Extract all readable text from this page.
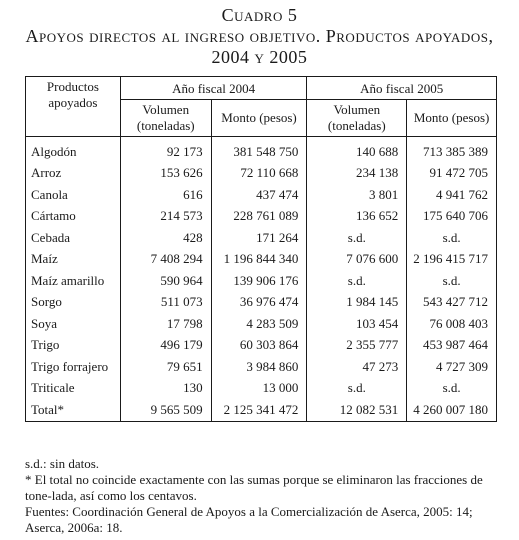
Cuadro 5
Apoyos directos al ingreso objetivo. Productos apoyados,
2004 y 2005
Productos apoyados	Año fiscal 2004		Año fiscal 2005	
	Volumen (toneladas)	Monto (pesos)	Volumen (toneladas)	Monto (pesos)
Algodón	92 173	381 548 750	140 688	713 385 389
Arroz	153 626	72 110 668	234 138	91 472 705
Canola	616	437 474	3 801	4 941 762
Cártamo	214 573	228 761 089	136 652	175 640 706
Cebada	428	171 264	s.d.	s.d.
Maíz	7 408 294	1 196 844 340	7 076 600	2 196 415 717
Maíz amarillo	590 964	139 906 176	s.d.	s.d.
Sorgo	511 073	36 976 474	1 984 145	543 427 712
Soya	17 798	4 283 509	103 454	76 008 403
Trigo	496 179	60 303 864	2 355 777	453 987 464
Trigo forrajero	79 651	3 984 860	47 273	4 727 309
Triticale	130	13 000	s.d.	s.d.
Total*	9 565 509	2 125 341 472	12 082 531	4 260 007 180
s.d.: sin datos.
* El total no coincide exactamente con las sumas porque se eliminaron las fracciones de tone-lada, así como los centavos.
Fuentes: Coordinación General de Apoyos a la Comercialización de Aserca, 2005: 14; Aserca, 2006a: 18.
